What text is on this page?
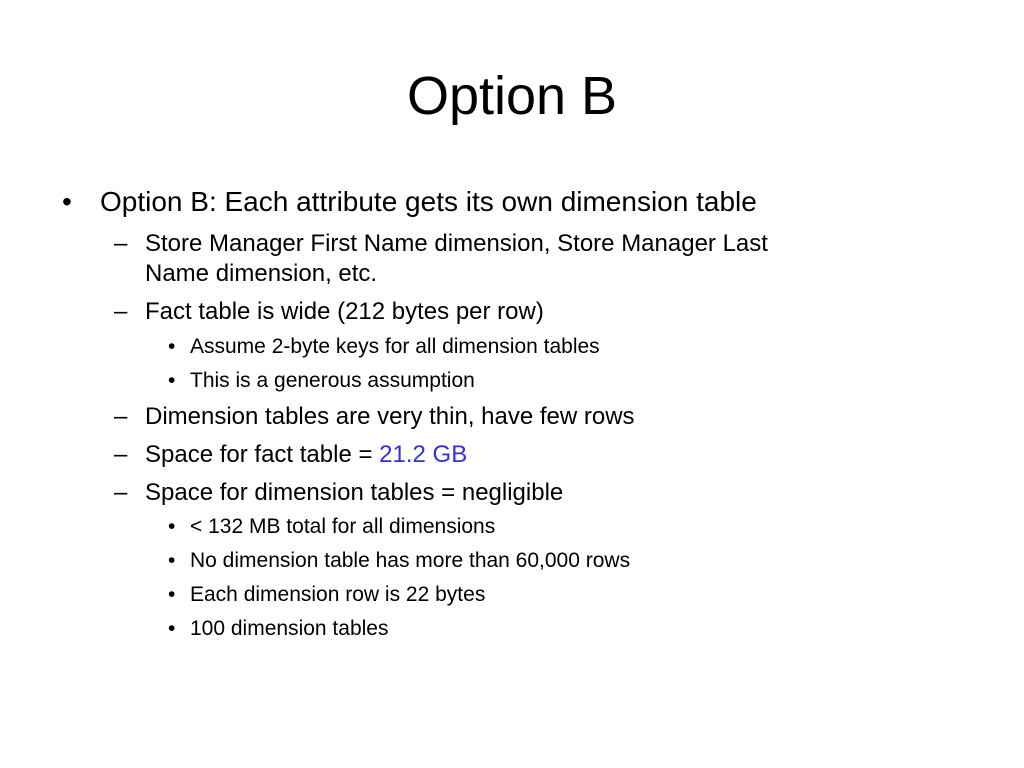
Option B
• Option B: Each attribute gets its own dimension table
– Store Manager First Name dimension, Store Manager Last
Name dimension, etc.
– Fact table is wide (212 bytes per row)
• Assume 2-byte keys for all dimension tables
• This is a generous assumption
– Dimension tables are very thin, have few rows
– Space for fact table = 21.2 GB
– Space for dimension tables = negligible
• < 132 MB total for all dimensions
• No dimension table has more than 60,000 rows
• Each dimension row is 22 bytes
• 100 dimension tables
